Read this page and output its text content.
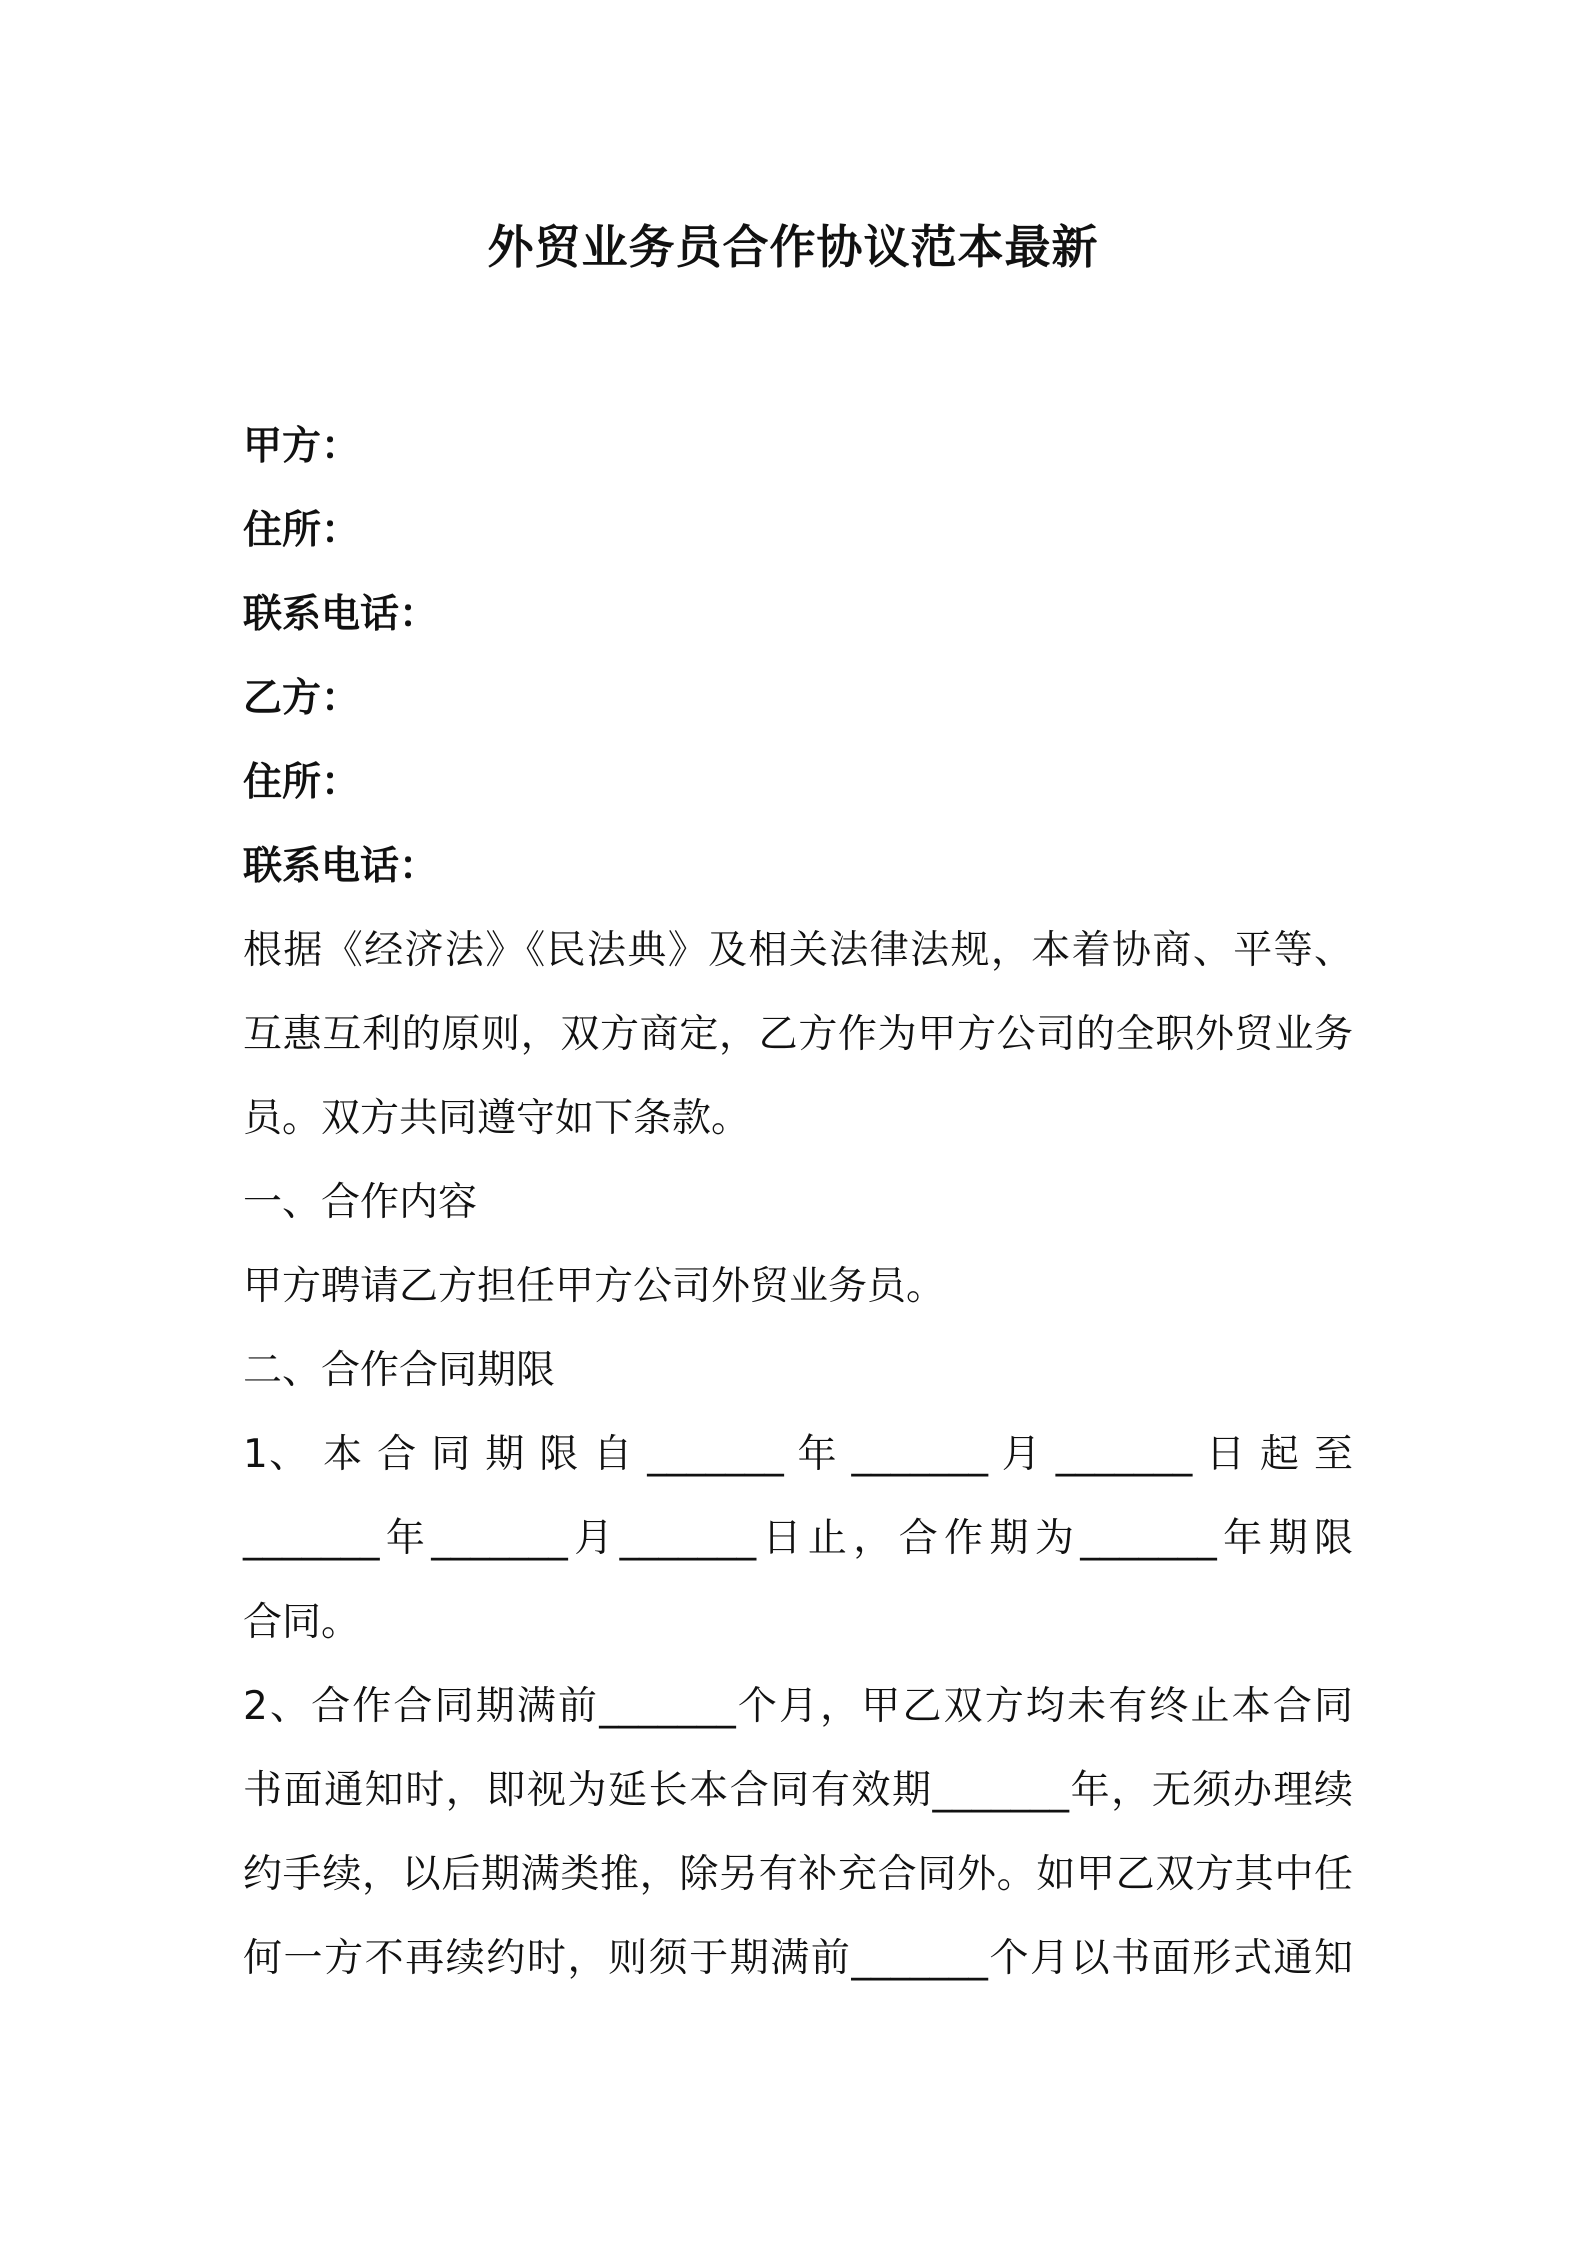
外贸业务员合作协议范本最新

甲方：

住所：

联系电话：

乙方：

住所：

联系电话：

根据《经济法》《民法典》及相关法律法规，本着协商、平等、

互惠互利的原则，双方商定，乙方作为甲方公司的全职外贸业务

员。双方共同遵守如下条款。

一、合作内容

甲方聘请乙方担任甲方公司外贸业务员。

二、合作合同期限

1、 本 合 同 期 限 自 _______ 年 _______ 月 _______ 日 起 至

_______年_______月_______日止，合作期为_______年期限

合同。

2、合作合同期满前_______个月，甲乙双方均未有终止本合同

书面通知时，即视为延长本合同有效期_______年，无须办理续

约手续，以后期满类推，除另有补充合同外。如甲乙双方其中任

何一方不再续约时，则须于期满前_______个月以书面形式通知
